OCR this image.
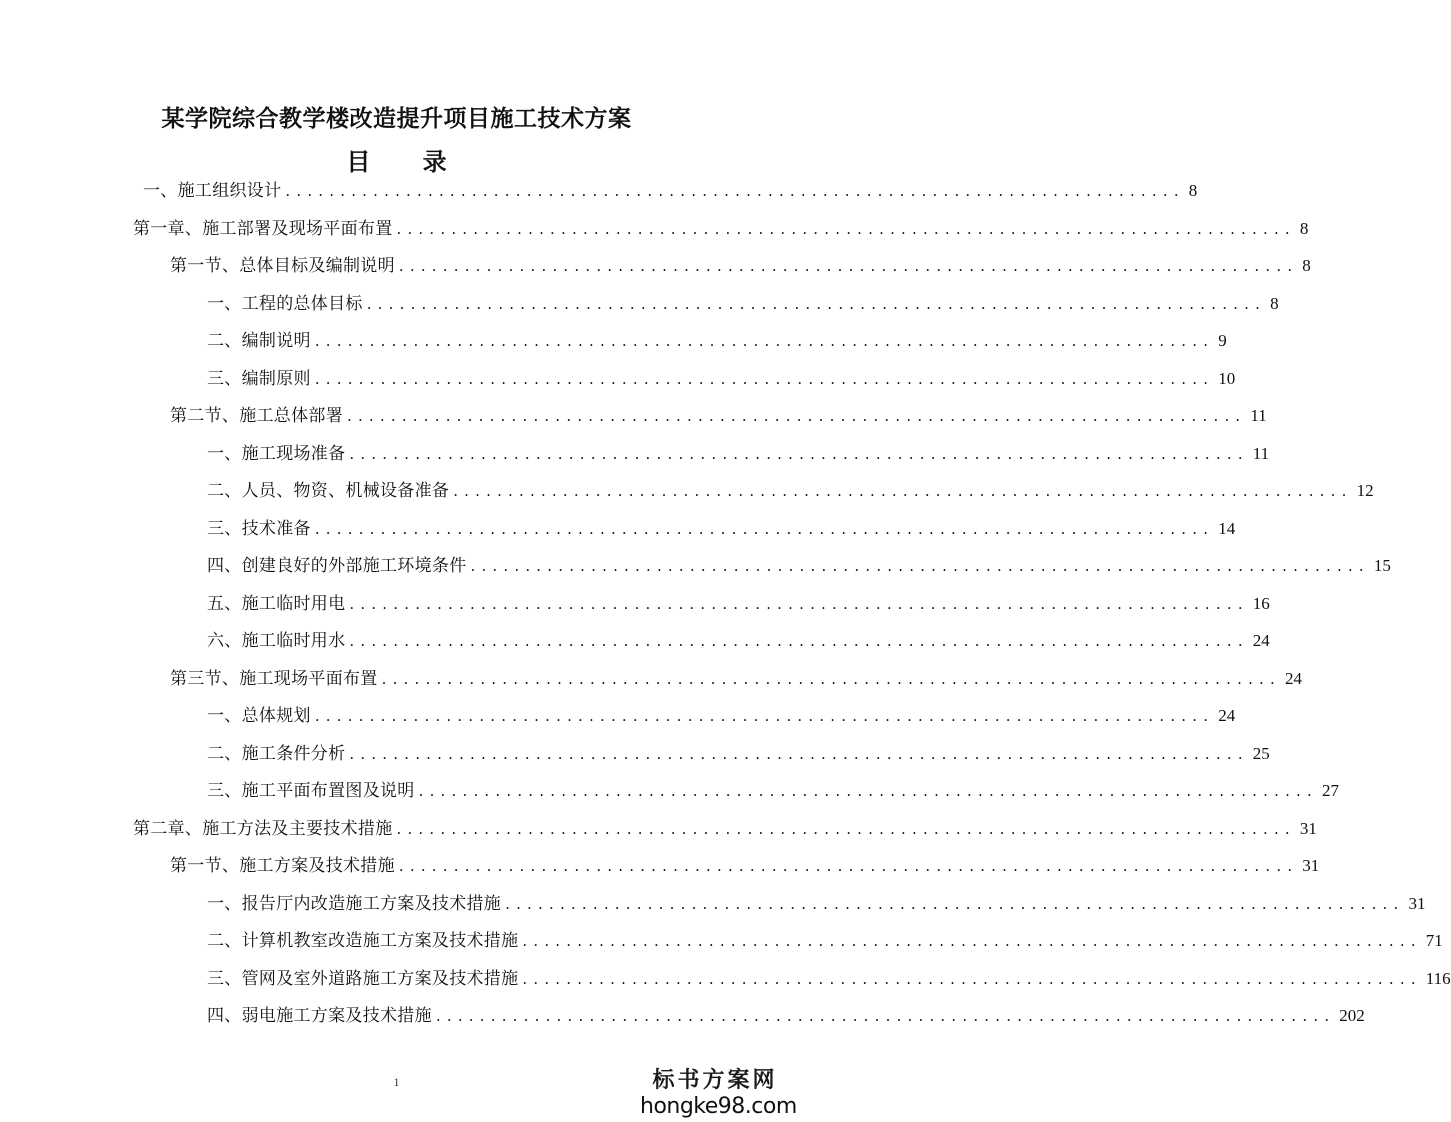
某学院综合教学楼改造提升项目施工技术方案
目 录
一、施工组织设计 .................................................................................. 8
第一章、施工部署及现场平面布置 .................................................................................. 8
第一节、总体目标及编制说明 .................................................................................. 8
一、工程的总体目标 .................................................................................. 8
二、编制说明 .................................................................................. 9
三、编制原则 .................................................................................. 10
第二节、施工总体部署 .................................................................................. 11
一、施工现场准备 .................................................................................. 11
二、人员、物资、机械设备准备 .................................................................................. 12
三、技术准备 .................................................................................. 14
四、创建良好的外部施工环境条件 .................................................................................. 15
五、施工临时用电 .................................................................................. 16
六、施工临时用水 .................................................................................. 24
第三节、施工现场平面布置 .................................................................................. 24
一、总体规划 .................................................................................. 24
二、施工条件分析 .................................................................................. 25
三、施工平面布置图及说明 .................................................................................. 27
第二章、施工方法及主要技术措施 .................................................................................. 31
第一节、施工方案及技术措施 .................................................................................. 31
一、报告厅内改造施工方案及技术措施 .................................................................................. 31
二、计算机教室改造施工方案及技术措施 .................................................................................. 71
三、管网及室外道路施工方案及技术措施 .................................................................................. 116
四、弱电施工方案及技术措施 .................................................................................. 202
1	标书方案网
hongke98.com
